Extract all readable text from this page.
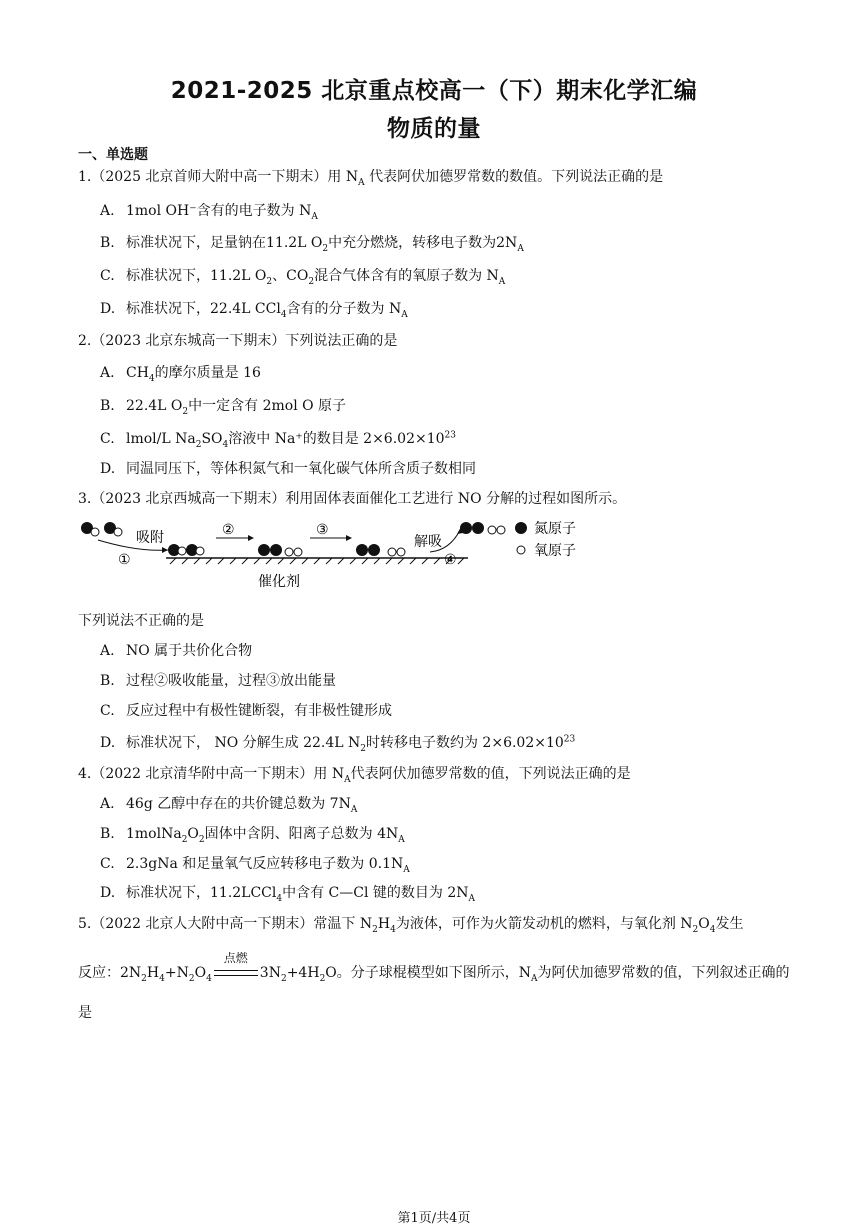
2021-2025 北京重点校高一（下）期末化学汇编
物质的量
一、单选题
1.（2025 北京首师大附中高一下期末）用 $N_A$ 代表阿伏加德罗常数的数值。下列说法正确的是
A. 1mol OH⁻含有的电子数为 $N_A$
B. 标准状况下，足量钠在11.2L $O_2$中充分燃烧，转移电子数为$2N_A$
C. 标准状况下，11.2L $O_2$、$CO_2$混合气体含有的氧原子数为 $N_A$
D. 标准状况下，22.4L CCl$_4$含有的分子数为 $N_A$
2.（2023 北京东城高一下期末）下列说法正确的是
A. $CH_4$的摩尔质量是 16
B. 22.4L $O_2$中一定含有 2mol O 原子
C. lmol/L $Na_2SO_4$溶液中 Na⁺的数目是 $2\times 6.02\times 10^{23}$
D. 同温同压下，等体积氮气和一氧化碳气体所含质子数相同
3.（2023 北京西城高一下期末）利用固体表面催化工艺进行 NO 分解的过程如图所示。
吸附
①
②	③
解吸
④
氮原子
氧原子
催化剂
下列说法不正确的是
A. NO 属于共价化合物
B. 过程②吸收能量，过程③放出能量
C. 反应过程中有极性键断裂，有非极性键形成
D. 标准状况下， NO 分解生成 22.4L $N_2$时转移电子数约为 $2\times 6.02\times 10^{23}$
4.（2022 北京清华附中高一下期末）用 $N_A$代表阿伏加德罗常数的值，下列说法正确的是
A. 46g 乙醇中存在的共价键总数为 $7N_A$
B. $1molNa_2O_2$固体中含阴、阳离子总数为 $4N_A$
C. 2.3gNa 和足量氧气反应转移电子数为 $0.1N_A$
D. 标准状况下，11.2LCCl$_4$中含有 C—Cl 键的数目为 $2N_A$
5.（2022 北京人大附中高一下期末）常温下 $N_2H_4$为液体，可作为火箭发动机的燃料，与氧化剂 $N_2O_4$发生
反应：$2N_2H_4+N_2O_4$
点燃
$3N_2+4H_2O$。分子球棍模型如下图所示，$N_A$为阿伏加德罗常数的值，下列叙述正确的
是
第1页/共4页
